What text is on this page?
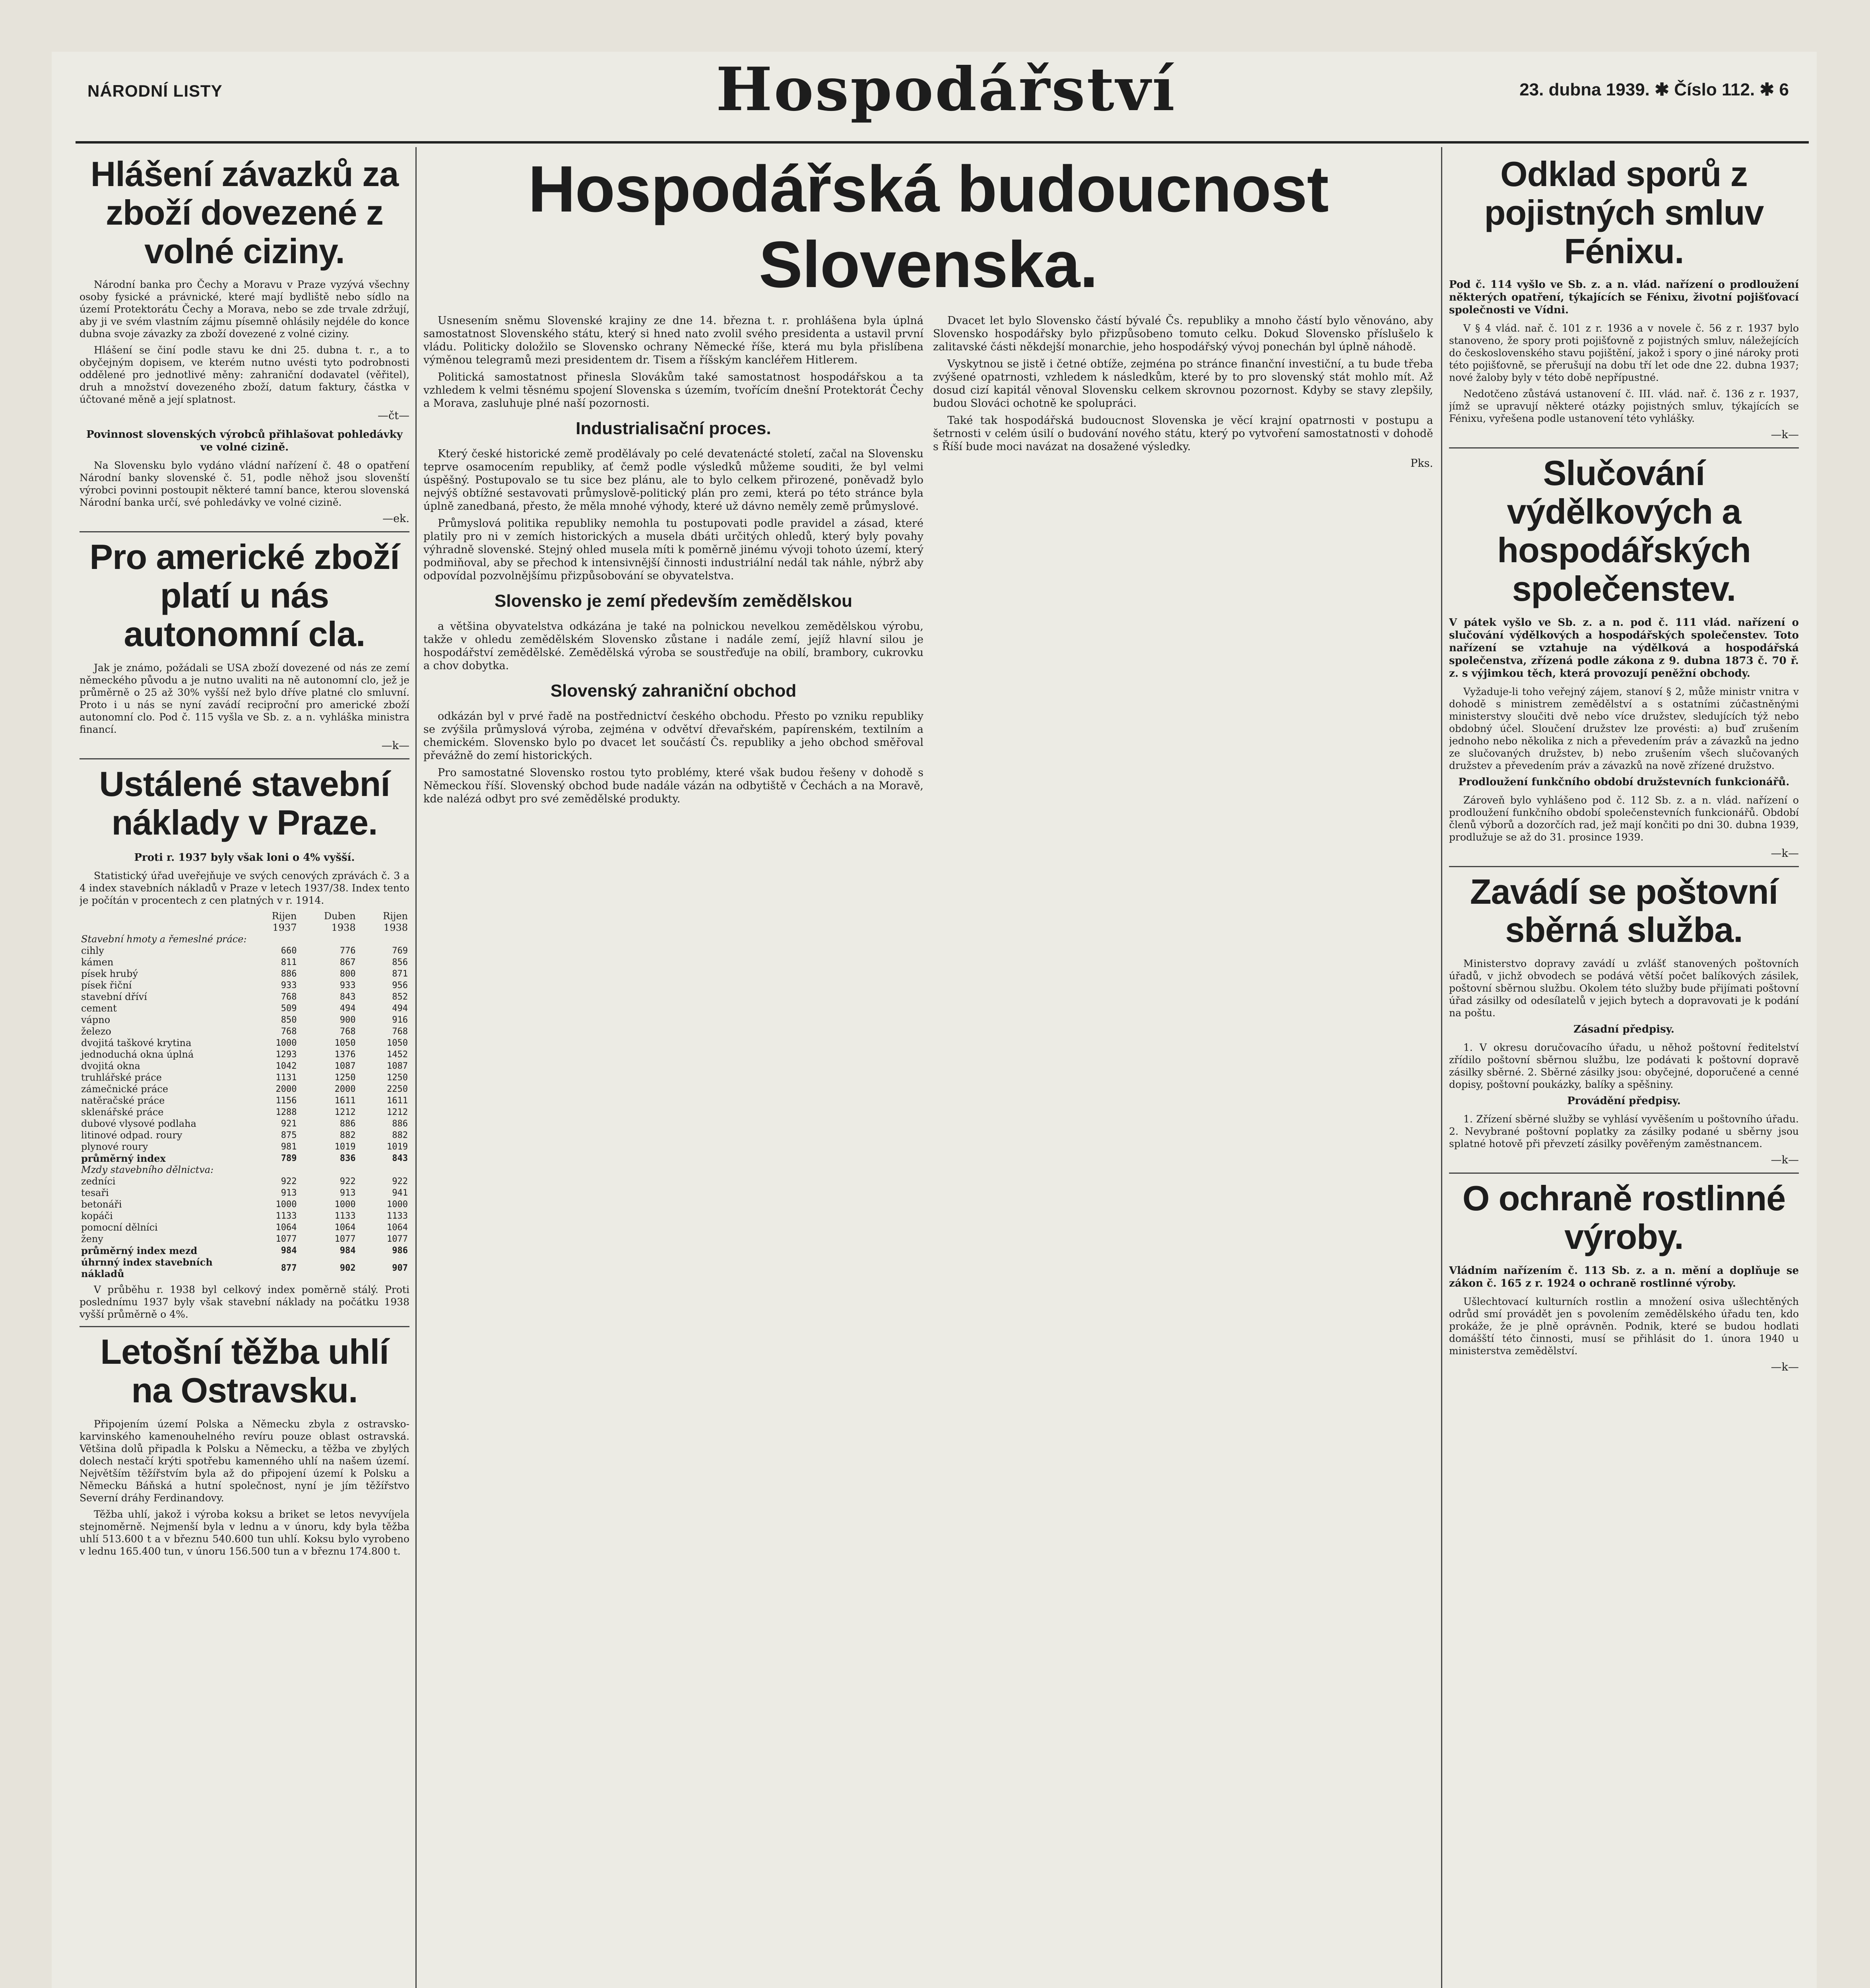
NÁRODNÍ LISTY	Hospodářství	23. dubna 1939. ✱ Číslo 112. ✱ 6
Hlášení závazků za zboží dovezené z volné ciziny.

Národní banka pro Čechy a Moravu v Praze vyzývá všechny osoby fysické a právnické, které mají bydliště nebo sídlo na území Protektorátu Čechy a Morava, nebo se zde trvale zdržují, aby ji ve svém vlastním zájmu písemně ohlásily nejdéle do konce dubna svoje závazky za zboží dovezené z volné ciziny.

Hlášení se činí podle stavu ke dni 25. dubna t. r., a to obyčejným dopisem, ve kterém nutno uvésti tyto podrobnosti oddělené pro jednotlivé měny: zahraniční dodavatel (věřitel), druh a množství dovezeného zboží, datum faktury, částka v účtované měně a její splatnost.

—čt—
Povinnost slovenských výrobců přihlašovat pohledávky ve volné cizině.

Na Slovensku bylo vydáno vládní nařízení č. 48 o opatření Národní banky slovenské č. 51, podle něhož jsou slovenští výrobci povinni postoupit některé tamní bance, kterou slovenská Národní banka určí, své pohledávky ve volné cizině.

—ek.
Pro americké zboží platí u nás autonomní cla.

Jak je známo, požádali se USA zboží dovezené od nás ze zemí německého původu a je nutno uvaliti na ně autonomní clo, jež je průměrně o 25 až 30% vyšší než bylo dříve platné clo smluvní. Proto i u nás se nyní zavádí reciproční pro americké zboží autonomní clo. Pod č. 115 vyšla ve Sb. z. a n. vyhláška ministra financí.

—k—
Ustálené stavební náklady v Praze.
Proti r. 1937 byly však loni o 4% vyšší.

Statistický úřad uveřejňuje ve svých cenových zprávách č. 3 a 4 index stavebních nákladů v Praze v letech 1937/38. Index tento je počítán v procentech z cen platných v r. 1914.

	Rijen 1937	Duben 1938	Rijen 1938
Stavební hmoty a řemeslné práce:			
cihly	660	776	769
kámen	811	867	856
písek hrubý	886	800	871
písek řiční	933	933	956
stavební dříví	768	843	852
cement	509	494	494
vápno	850	900	916
železo	768	768	768
dvojitá taškové krytina	1000	1050	1050
jednoduchá okna úplná	1293	1376	1452
dvojitá okna	1042	1087	1087
truhlářské práce	1131	1250	1250
zámečnické práce	2000	2000	2250
natěračské práce	1156	1611	1611
sklenářské práce	1288	1212	1212
dubové vlysové podlaha	921	886	886
litinové odpad. roury	875	882	882
plynové roury	981	1019	1019
průměrný index	789	836	843
Mzdy stavebního dělnictva:			
zedníci	922	922	922
tesaři	913	913	941
betonáři	1000	1000	1000
kopáči	1133	1133	1133
pomocní dělníci	1064	1064	1064
ženy	1077	1077	1077
průměrný index mezd	984	984	986
úhrnný index stavebních nákladů	877	902	907

V průběhu r. 1938 byl celkový index poměrně stálý. Proti poslednímu 1937 byly však stavební náklady na počátku 1938 vyšší průměrně o 4%.

Letošní těžba uhlí na Ostravsku.

Připojením území Polska a Německu zbyla z ostravsko-karvinského kamenouhelného revíru pouze oblast ostravská. Většina dolů připadla k Polsku a Německu, a těžba ve zbylých dolech nestačí krýti spotřebu kamenného uhlí na našem území. Největším těžířstvím byla až do připojení území k Polsku a Německu Báňská a hutní společnost, nyní je jím těžířstvo Severní dráhy Ferdinandovy.

Těžba uhlí, jakož i výroba koksu a briket se letos nevyvíjela stejnoměrně. Nejmenší byla v lednu a v únoru, kdy byla těžba uhlí 513.600 t a v březnu 540.600 tun uhlí. Koksu bylo vyrobeno v lednu 165.400 tun, v únoru 156.500 tun a v březnu 174.800 t.

Hospodářská budoucnost Slovenska.

Usnesením sněmu Slovenské krajiny ze dne 14. března t. r. prohlášena byla úplná samostatnost Slovenského státu, který si hned nato zvolil svého presidenta a ustavil první vládu. Politicky doložilo se Slovensko ochrany Německé říše, která mu byla přislíbena výměnou telegramů mezi presidentem dr. Tisem a říšským kancléřem Hitlerem.

Politická samostatnost přinesla Slovákům také samostatnost hospodářskou a ta vzhledem k velmi těsnému spojení Slovenska s územím, tvořícím dnešní Protektorát Čechy a Morava, zasluhuje plné naší pozornosti.

Industrialisační proces.

Který české historické země prodělávaly po celé devatenácté století, začal na Slovensku teprve osamocením republiky, ať čemž podle výsledků můžeme souditi, že byl velmi úspěšný. Postupovalo se tu sice bez plánu, ale to bylo celkem přirozené, poněvadž bylo nejvýš obtížné sestavovati průmyslově-politický plán pro zemi, která po této stránce byla úplně zanedbaná, přesto, že měla mnohé výhody, které už dávno neměly země průmyslové.

Průmyslová politika republiky nemohla tu postupovati podle pravidel a zásad, které platily pro ni v zemích historických a musela dbáti určitých ohledů, který byly povahy výhradně slovenské. Stejný ohled musela míti k poměrně jinému vývoji tohoto území, který podmiňoval, aby se přechod k intensivnější činnosti industriální nedál tak náhle, nýbrž aby odpovídal pozvolnějšímu přizpůsobování se obyvatelstva.

Slovensko je zemí především zemědělskou

a většina obyvatelstva odkázána je také na polnickou nevelkou zemědělskou výrobu, takže v ohledu zemědělském Slovensko zůstane i nadále zemí, jejíž hlavní silou je hospodářství zemědělské. Zemědělská výroba se soustřeďuje na obilí, brambory, cukrovku a chov dobytka.

Slovenský zahraniční obchod

odkázán byl v prvé řadě na postřednictví českého obchodu. Přesto po vzniku republiky se zvýšila průmyslová výroba, zejména v odvětví dřevařském, papírenském, textilním a chemickém. Slovensko bylo po dvacet let součástí Čs. republiky a jeho obchod směřoval převážně do zemí historických.

Pro samostatné Slovensko rostou tyto problémy, které však budou řešeny v dohodě s Německou říší. Slovenský obchod bude nadále vázán na odbytiště v Čechách a na Moravě, kde nalézá odbyt pro své zemědělské produkty.

Dvacet let bylo Slovensko částí bývalé Čs. republiky a mnoho částí bylo věnováno, aby Slovensko hospodářsky bylo přizpůsobeno tomuto celku. Dokud Slovensko příslušelo k zalitavské části někdejší monarchie, jeho hospodářský vývoj ponechán byl úplně náhodě.

Vyskytnou se jistě i četné obtíže, zejména po stránce finanční investiční, a tu bude třeba zvýšené opatrnosti, vzhledem k následkům, které by to pro slovenský stát mohlo mít. Až dosud cizí kapitál věnoval Slovensku celkem skrovnou pozornost. Kdyby se stavy zlepšily, budou Slováci ochotně ke spolupráci.

Také tak hospodářská budoucnost Slovenska je věcí krajní opatrnosti v postupu a šetrnosti v celém úsilí o budování nového státu, který po vytvoření samostatnosti v dohodě s Říší bude moci navázat na dosažené výsledky.

Pks.
Odklad sporů z pojistných smluv Fénixu.
Pod č. 114 vyšlo ve Sb. z. a n. vlád. nařízení o prodloužení některých opatření, týkajících se Fénixu, životní pojišťovací společnosti ve Vídni.

V § 4 vlád. nař. č. 101 z r. 1936 a v novele č. 56 z r. 1937 bylo stanoveno, že spory proti pojišťovně z pojistných smluv, náležejících do československého stavu pojištění, jakož i spory o jiné nároky proti této pojišťovně, se přerušují na dobu tří let ode dne 22. dubna 1937; nové žaloby byly v této době nepřípustné.

Nedotčeno zůstává ustanovení č. III. vlád. nař. č. 136 z r. 1937, jímž se upravují některé otázky pojistných smluv, týkajících se Fénixu, vyřešena podle ustanovení této vyhlášky.

—k—
Slučování výdělkových a hospodářských společenstev.
V pátek vyšlo ve Sb. z. a n. pod č. 111 vlád. nařízení o slučování výdělkových a hospodářských společenstev. Toto nařízení se vztahuje na výdělková a hospodářská společenstva, zřízená podle zákona z 9. dubna 1873 č. 70 ř. z. s výjimkou těch, která provozují peněžní obchody.

Vyžaduje-li toho veřejný zájem, stanoví § 2, může ministr vnitra v dohodě s ministrem zemědělství a s ostatními zúčastněnými ministerstvy sloučiti dvě nebo více družstev, sledujících týž nebo obdobný účel. Sloučení družstev lze provésti: a) buď zrušením jednoho nebo několika z nich a převedením práv a závazků na jedno ze slučovaných družstev, b) nebo zrušením všech slučovaných družstev a převedením práv a závazků na nově zřízené družstvo.

Prodloužení funkčního období družstevních funkcionářů.

Zároveň bylo vyhlášeno pod č. 112 Sb. z. a n. vlád. nařízení o prodloužení funkčního období společenstevních funkcionářů. Období členů výborů a dozorčích rad, jež mají končiti po dni 30. dubna 1939, prodlužuje se až do 31. prosince 1939.

—k—
Zavádí se poštovní sběrná služba.

Ministerstvo dopravy zavádí u zvlášť stanovených poštovních úřadů, v jichž obvodech se podává větší počet balíkových zásilek, poštovní sběrnou službu. Okolem této služby bude přijímati poštovní úřad zásilky od odesílatelů v jejich bytech a dopravovati je k podání na poštu.

Zásadní předpisy.

1. V okresu doručovacího úřadu, u něhož poštovní ředitelství zřídilo poštovní sběrnou službu, lze podávati k poštovní dopravě zásilky sběrné. 2. Sběrné zásilky jsou: obyčejné, doporučené a cenné dopisy, poštovní poukázky, balíky a spěšniny.

Provádění předpisy.

1. Zřízení sběrné služby se vyhlásí vyvěšením u poštovního úřadu. 2. Nevybrané poštovní poplatky za zásilky podané u sběrny jsou splatné hotově při převzetí zásilky pověřeným zaměstnancem.

—k—
O ochraně rostlinné výroby.
Vládním nařízením č. 113 Sb. z. a n. mění a doplňuje se zákon č. 165 z r. 1924 o ochraně rostlinné výroby.

Ušlechtovací kulturních rostlin a množení osiva ušlechtěných odrůd smí provádět jen s povolením zemědělského úřadu ten, kdo prokáže, že je plně oprávněn. Podnik, které se budou hodlati domášští této činnosti, musí se přihlásit do 1. února 1940 u ministerstva zemědělství.

—k—
